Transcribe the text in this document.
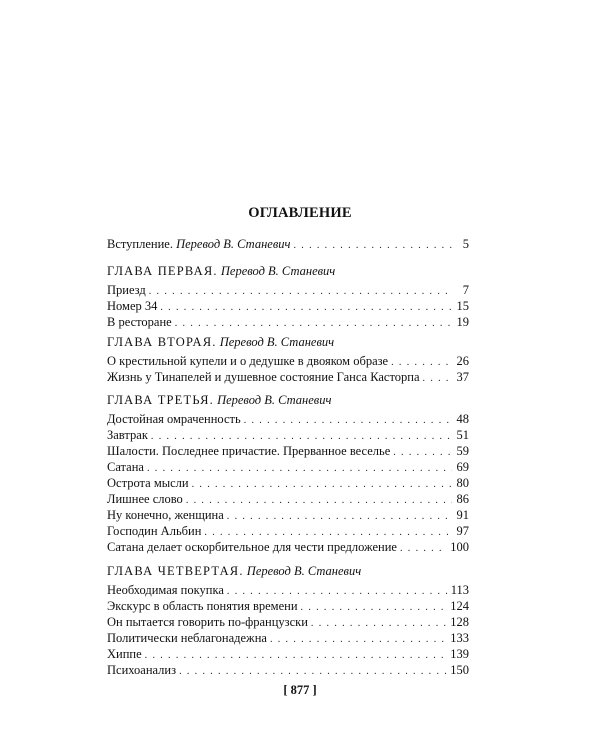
ОГЛАВЛЕНИЕ
Вступление. Перевод В. Станевич . . .	5
ГЛАВА ПЕРВАЯ. Перевод В. Станевич
Приезд . . .	7
Номер 34 . . .	15
В ресторане . . .	19
ГЛАВА ВТОРАЯ. Перевод В. Станевич
О крестильной купели и о дедушке в двояком образе . . .	26
Жизнь у Тинапелей и душевное состояние Ганса Касторпа . . .	37
ГЛАВА ТРЕТЬЯ. Перевод В. Станевич
Достойная омраченность . . .	48
Завтрак . . .	51
Шалости. Последнее причастие. Прерванное веселье . . .	59
Сатана . . .	69
Острота мысли . . .	80
Лишнее слово . . .	86
Ну конечно, женщина . . .	91
Господин Альбин . . .	97
Сатана делает оскорбительное для чести предложение . . .	100
ГЛАВА ЧЕТВЕРТАЯ. Перевод В. Станевич
Необходимая покупка . . .	113
Экскурс в область понятия времени . . .	124
Он пытается говорить по-французски . . .	128
Политически неблагонадежна . . .	133
Хиппе . . .	139
Психоанализ . . .	150
[ 877 ]
